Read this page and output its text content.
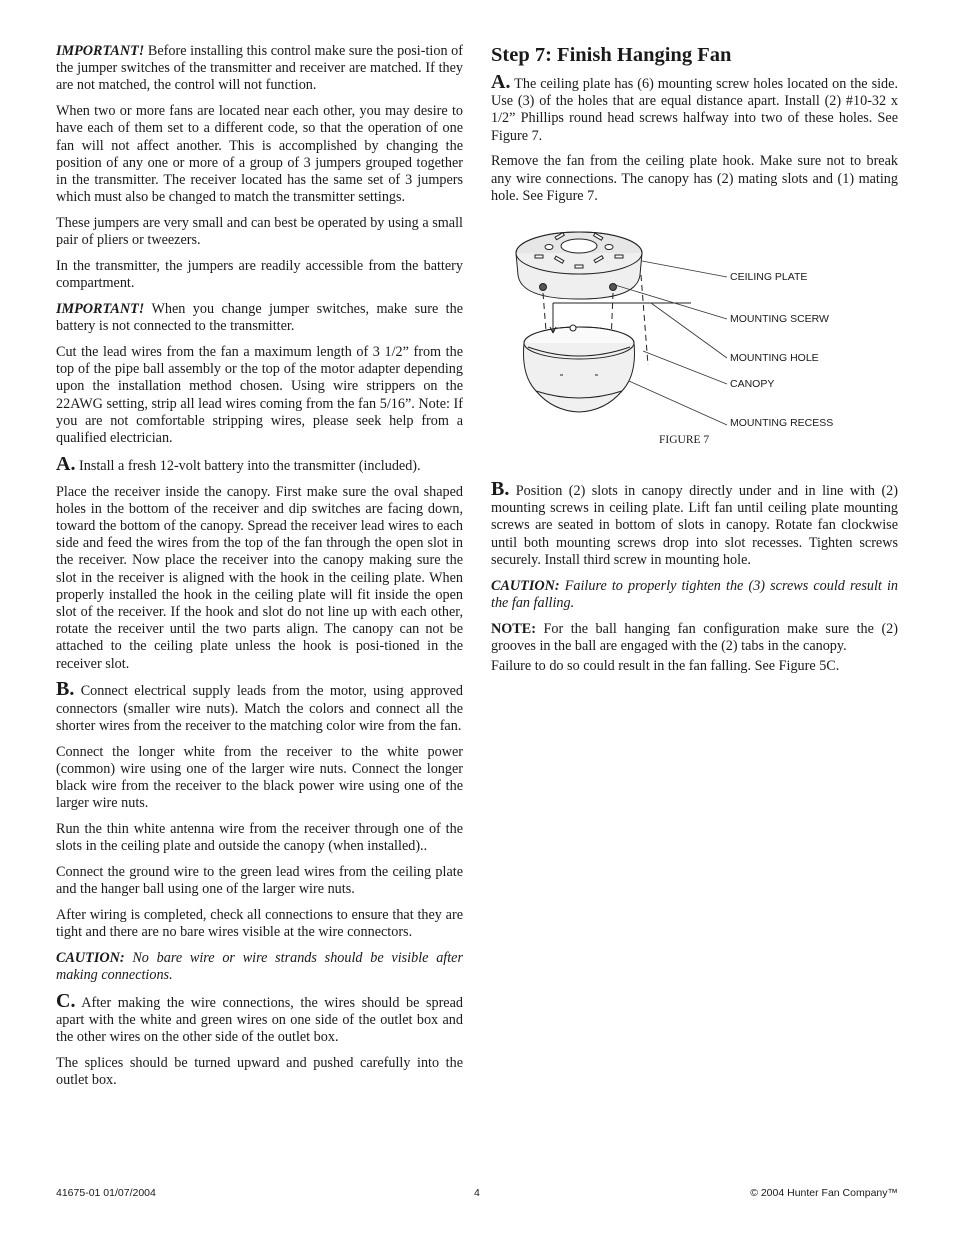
IMPORTANT! Before installing this control make sure the posi-tion of the jumper switches of the transmitter and receiver are matched. If they are not matched, the control will not function.

When two or more fans are located near each other, you may desire to have each of them set to a different code, so that the operation of one fan will not affect another. This is accomplished by changing the position of any one or more of a group of 3 jumpers grouped together in the transmitter. The receiver located has the same set of 3 jumpers which must also be changed to match the transmitter settings.

These jumpers are very small and can best be operated by using a small pair of pliers or tweezers.

In the transmitter, the jumpers are readily accessible from the battery compartment.

IMPORTANT! When you change jumper switches, make sure the battery is not connected to the transmitter.

Cut the lead wires from the fan a maximum length of 3 1/2” from the top of the pipe ball assembly or the top of the motor adapter depending upon the installation method chosen. Using wire strippers on the 22AWG setting, strip all lead wires coming from the fan 5/16”. Note: If you are not comfortable stripping wires, please seek help from a qualified electrician.

A. Install a fresh 12-volt battery into the transmitter (included).

Place the receiver inside the canopy. First make sure the oval shaped holes in the bottom of the receiver and dip switches are facing down, toward the bottom of the canopy. Spread the receiver lead wires to each side and feed the wires from the top of the fan through the open slot in the receiver. Now place the receiver into the canopy making sure the slot in the receiver is aligned with the hook in the ceiling plate. When properly installed the hook in the ceiling plate will fit inside the open slot of the receiver. If the hook and slot do not line up with each other, rotate the receiver until the two parts align. The canopy can not be attached to the ceiling plate unless the hook is posi-tioned in the receiver slot.

B. Connect electrical supply leads from the motor, using approved connectors (smaller wire nuts). Match the colors and connect all the shorter wires from the receiver to the matching color wire from the fan.

Connect the longer white from the receiver to the white power (common) wire using one of the larger wire nuts. Connect the longer black wire from the receiver to the black power wire using one of the larger wire nuts.

Run the thin white antenna wire from the receiver through one of the slots in the ceiling plate and outside the canopy (when installed)..

Connect the ground wire to the green lead wires from the ceiling plate and the hanger ball using one of the larger wire nuts.

After wiring is completed, check all connections to ensure that they are tight and there are no bare wires visible at the wire connectors.

CAUTION: No bare wire or wire strands should be visible after making connections.

C. After making the wire connections, the wires should be spread apart with the white and green wires on one side of the outlet box and the other wires on the other side of the outlet box.

The splices should be turned upward and pushed carefully into the outlet box.

Step 7: Finish Hanging Fan

A. The ceiling plate has (6) mounting screw holes located on the side. Use (3) of the holes that are equal distance apart. Install (2) #10-32 x 1/2” Phillips round head screws halfway into two of these holes. See Figure 7.

Remove the fan from the ceiling plate hook. Make sure not to break any wire connections. The canopy has (2) mating slots and (1) mating hole. See Figure 7.

CEILING PLATE
MOUNTING SCERW
MOUNTING HOLE
CANOPY
MOUNTING RECESS
FIGURE 7

B. Position (2) slots in canopy directly under and in line with (2) mounting screws in ceiling plate. Lift fan until ceiling plate mounting screws are seated in bottom of slots in canopy. Rotate fan clockwise until both mounting screws drop into slot recesses. Tighten screws securely. Install third screw in mounting hole.

CAUTION: Failure to properly tighten the (3) screws could result in the fan falling.

NOTE: For the ball hanging fan configuration make sure the (2) grooves in the ball are engaged with the (2) tabs in the canopy.

Failure to do so could result in the fan falling. See Figure 5C.

41675-01 01/07/2004	4	© 2004 Hunter Fan Company™
